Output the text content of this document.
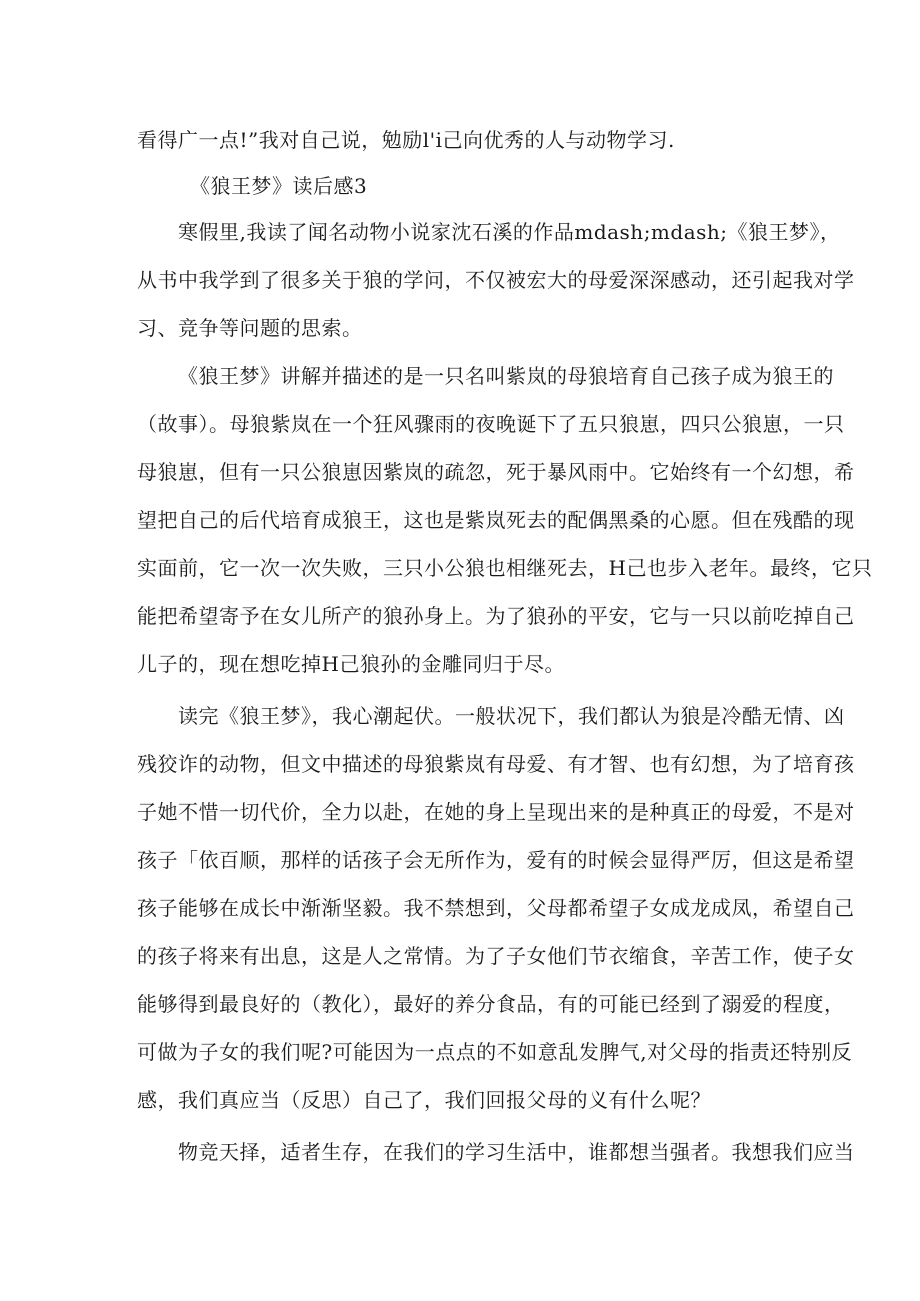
看得广一点!”我对自己说，勉励l'i己向优秀的人与动物学习.
《狼王梦》读后感3
寒假里,我读了闻名动物小说家沈石溪的作品mdash;mdash;《狼王梦》，
从书中我学到了很多关于狼的学问，不仅被宏大的母爱深深感动，还引起我对学
习、竞争等问题的思索。
《狼王梦》讲解并描述的是一只名叫紫岚的母狼培育自己孩子成为狼王的
（故事）。母狼紫岚在一个狂风骤雨的夜晚诞下了五只狼崽，四只公狼崽，一只
母狼崽，但有一只公狼崽因紫岚的疏忽，死于暴风雨中。它始终有一个幻想，希
望把自己的后代培育成狼王，这也是紫岚死去的配偶黑桑的心愿。但在残酷的现
实面前，它一次一次失败，三只小公狼也相继死去，H己也步入老年。最终，它只
能把希望寄予在女儿所产的狼孙身上。为了狼孙的平安，它与一只以前吃掉自己
儿子的，现在想吃掉H己狼孙的金雕同归于尽。
读完《狼王梦》，我心潮起伏。一般状况下，我们都认为狼是冷酷无情、凶
残狡诈的动物，但文中描述的母狼紫岚有母爱、有才智、也有幻想，为了培育孩
子她不惜一切代价，全力以赴，在她的身上呈现出来的是种真正的母爱，不是对
孩子「依百顺，那样的话孩子会无所作为，爱有的时候会显得严厉，但这是希望
孩子能够在成长中渐渐坚毅。我不禁想到，父母都希望子女成龙成凤，希望自己
的孩子将来有出息，这是人之常情。为了子女他们节衣缩食，辛苦工作，使子女
能够得到最良好的（教化），最好的养分食品，有的可能已经到了溺爱的程度，
可做为子女的我们呢?可能因为一点点的不如意乱发脾气,对父母的指责还特别反
感，我们真应当（反思）自己了，我们回报父母的义有什么呢？
物竞天择，适者生存，在我们的学习生活中，谁都想当强者。我想我们应当
